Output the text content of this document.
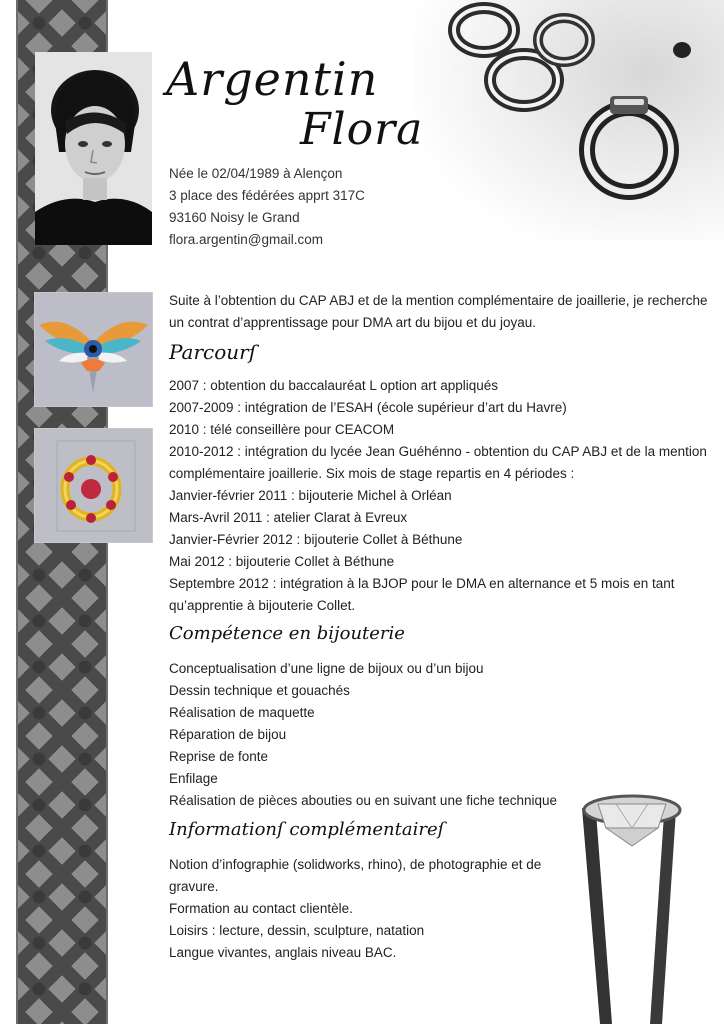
Argentin
Flora
Née le 02/04/1989 à Alençon
3 place des fédérées apprt 317C
93160 Noisy le Grand
flora.argentin@gmail.com
Suite à l’obtention du CAP ABJ et de la mention complémentaire de joaillerie, je recherche un contrat d’apprentissage pour DMA art du bijou et du joyau.
Parcourſ
2007 : obtention du baccalauréat L option art appliqués
2007-2009 : intégration de l’ESAH (école supérieur d’art du Havre)
2010 : télé conseillère pour CEACOM
2010-2012 : intégration du lycée Jean Guéhénno - obtention du CAP ABJ et de la mention complémentaire joaillerie. Six mois de stage repartis en 4 périodes :
Janvier-février 2011 : bijouterie Michel à Orléan
Mars-Avril 2011 : atelier Clarat à Evreux
Janvier-Février 2012 : bijouterie Collet à Béthune
Mai 2012 : bijouterie Collet à Béthune
Septembre 2012 : intégration à la BJOP pour le DMA en alternance et 5 mois en tant qu’apprentie à bijouterie Collet.
Compétence en bijouterie
Conceptualisation d’une ligne de bijoux ou d’un bijou
Dessin technique et gouachés
Réalisation de maquette
Réparation de bijou
Reprise de fonte
Enfilage
Réalisation de pièces abouties ou en suivant une fiche technique
Informationſ complémentaireſ
Notion d’infographie (solidworks, rhino), de photographie et de gravure.
Formation au contact clientèle.
Loisirs : lecture, dessin, sculpture, natation
Langue vivantes, anglais niveau BAC.
